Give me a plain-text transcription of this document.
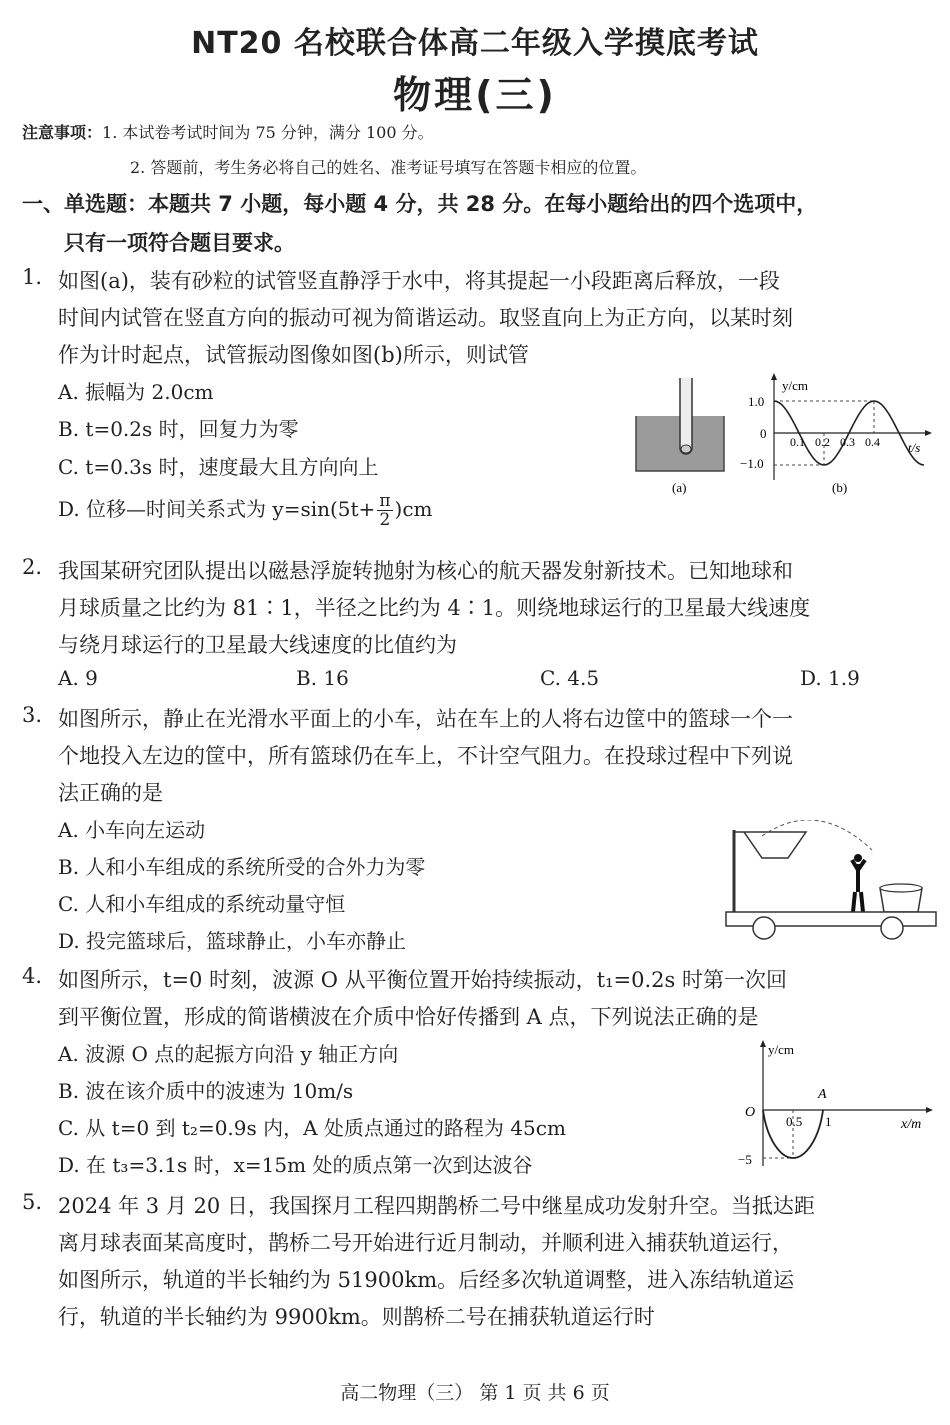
NT20 名校联合体高二年级入学摸底考试
物理(三)
注意事项：1. 本试卷考试时间为 75 分钟，满分 100 分。
2. 答题前，考生务必将自己的姓名、准考证号填写在答题卡相应的位置。
一、单选题：本题共 7 小题，每小题 4 分，共 28 分。在每小题给出的四个选项中，
只有一项符合题目要求。
1. 如图(a)，装有砂粒的试管竖直静浮于水中，将其提起一小段距离后释放，一段
时间内试管在竖直方向的振动可视为简谐运动。取竖直向上为正方向，以某时刻
作为计时起点，试管振动图像如图(b)所示，则试管
A. 振幅为 2.0cm
B. t=0.2s 时，回复力为零
C. t=0.3s 时，速度最大且方向向上
D. 位移—时间关系式为 $y=\sin(5t+ \frac{\pi}{2} )cm$
(a)
y/cm
t/s
1.0
0
−1.0
0.1 0.2 0.3 0.4
(b)
2. 我国某研究团队提出以磁悬浮旋转抛射为核心的航天器发射新技术。已知地球和
月球质量之比约为 81∶1，半径之比约为 4∶1。则绕地球运行的卫星最大线速度
与绕月球运行的卫星最大线速度的比值约为
A. 9	B. 16	C. 4.5	D. 1.9
3. 如图所示，静止在光滑水平面上的小车，站在车上的人将右边筐中的篮球一个一
个地投入左边的筐中，所有篮球仍在车上，不计空气阻力。在投球过程中下列说
法正确的是
A. 小车向左运动
B. 人和小车组成的系统所受的合外力为零
C. 人和小车组成的系统动量守恒
D. 投完篮球后，篮球静止，小车亦静止
4. 如图所示，t=0 时刻，波源 O 从平衡位置开始持续振动，t₁=0.2s 时第一次回
到平衡位置，形成的简谐横波在介质中恰好传播到 A 点，下列说法正确的是
A. 波源 O 点的起振方向沿 y 轴正方向
B. 波在该介质中的波速为 10m/s
C. 从 t=0 到 t₂=0.9s 内，A 处质点通过的路程为 45cm
D. 在 t₃=3.1s 时，x=15m 处的质点第一次到达波谷
y/cm
x/m
O
−5
0.5 1
A
5. 2024 年 3 月 20 日，我国探月工程四期鹊桥二号中继星成功发射升空。当抵达距
离月球表面某高度时，鹊桥二号开始进行近月制动，并顺利进入捕获轨道运行，
如图所示，轨道的半长轴约为 51900km。后经多次轨道调整，进入冻结轨道运
行，轨道的半长轴约为 9900km。则鹊桥二号在捕获轨道运行时
高二物理（三） 第 1 页 共 6 页
